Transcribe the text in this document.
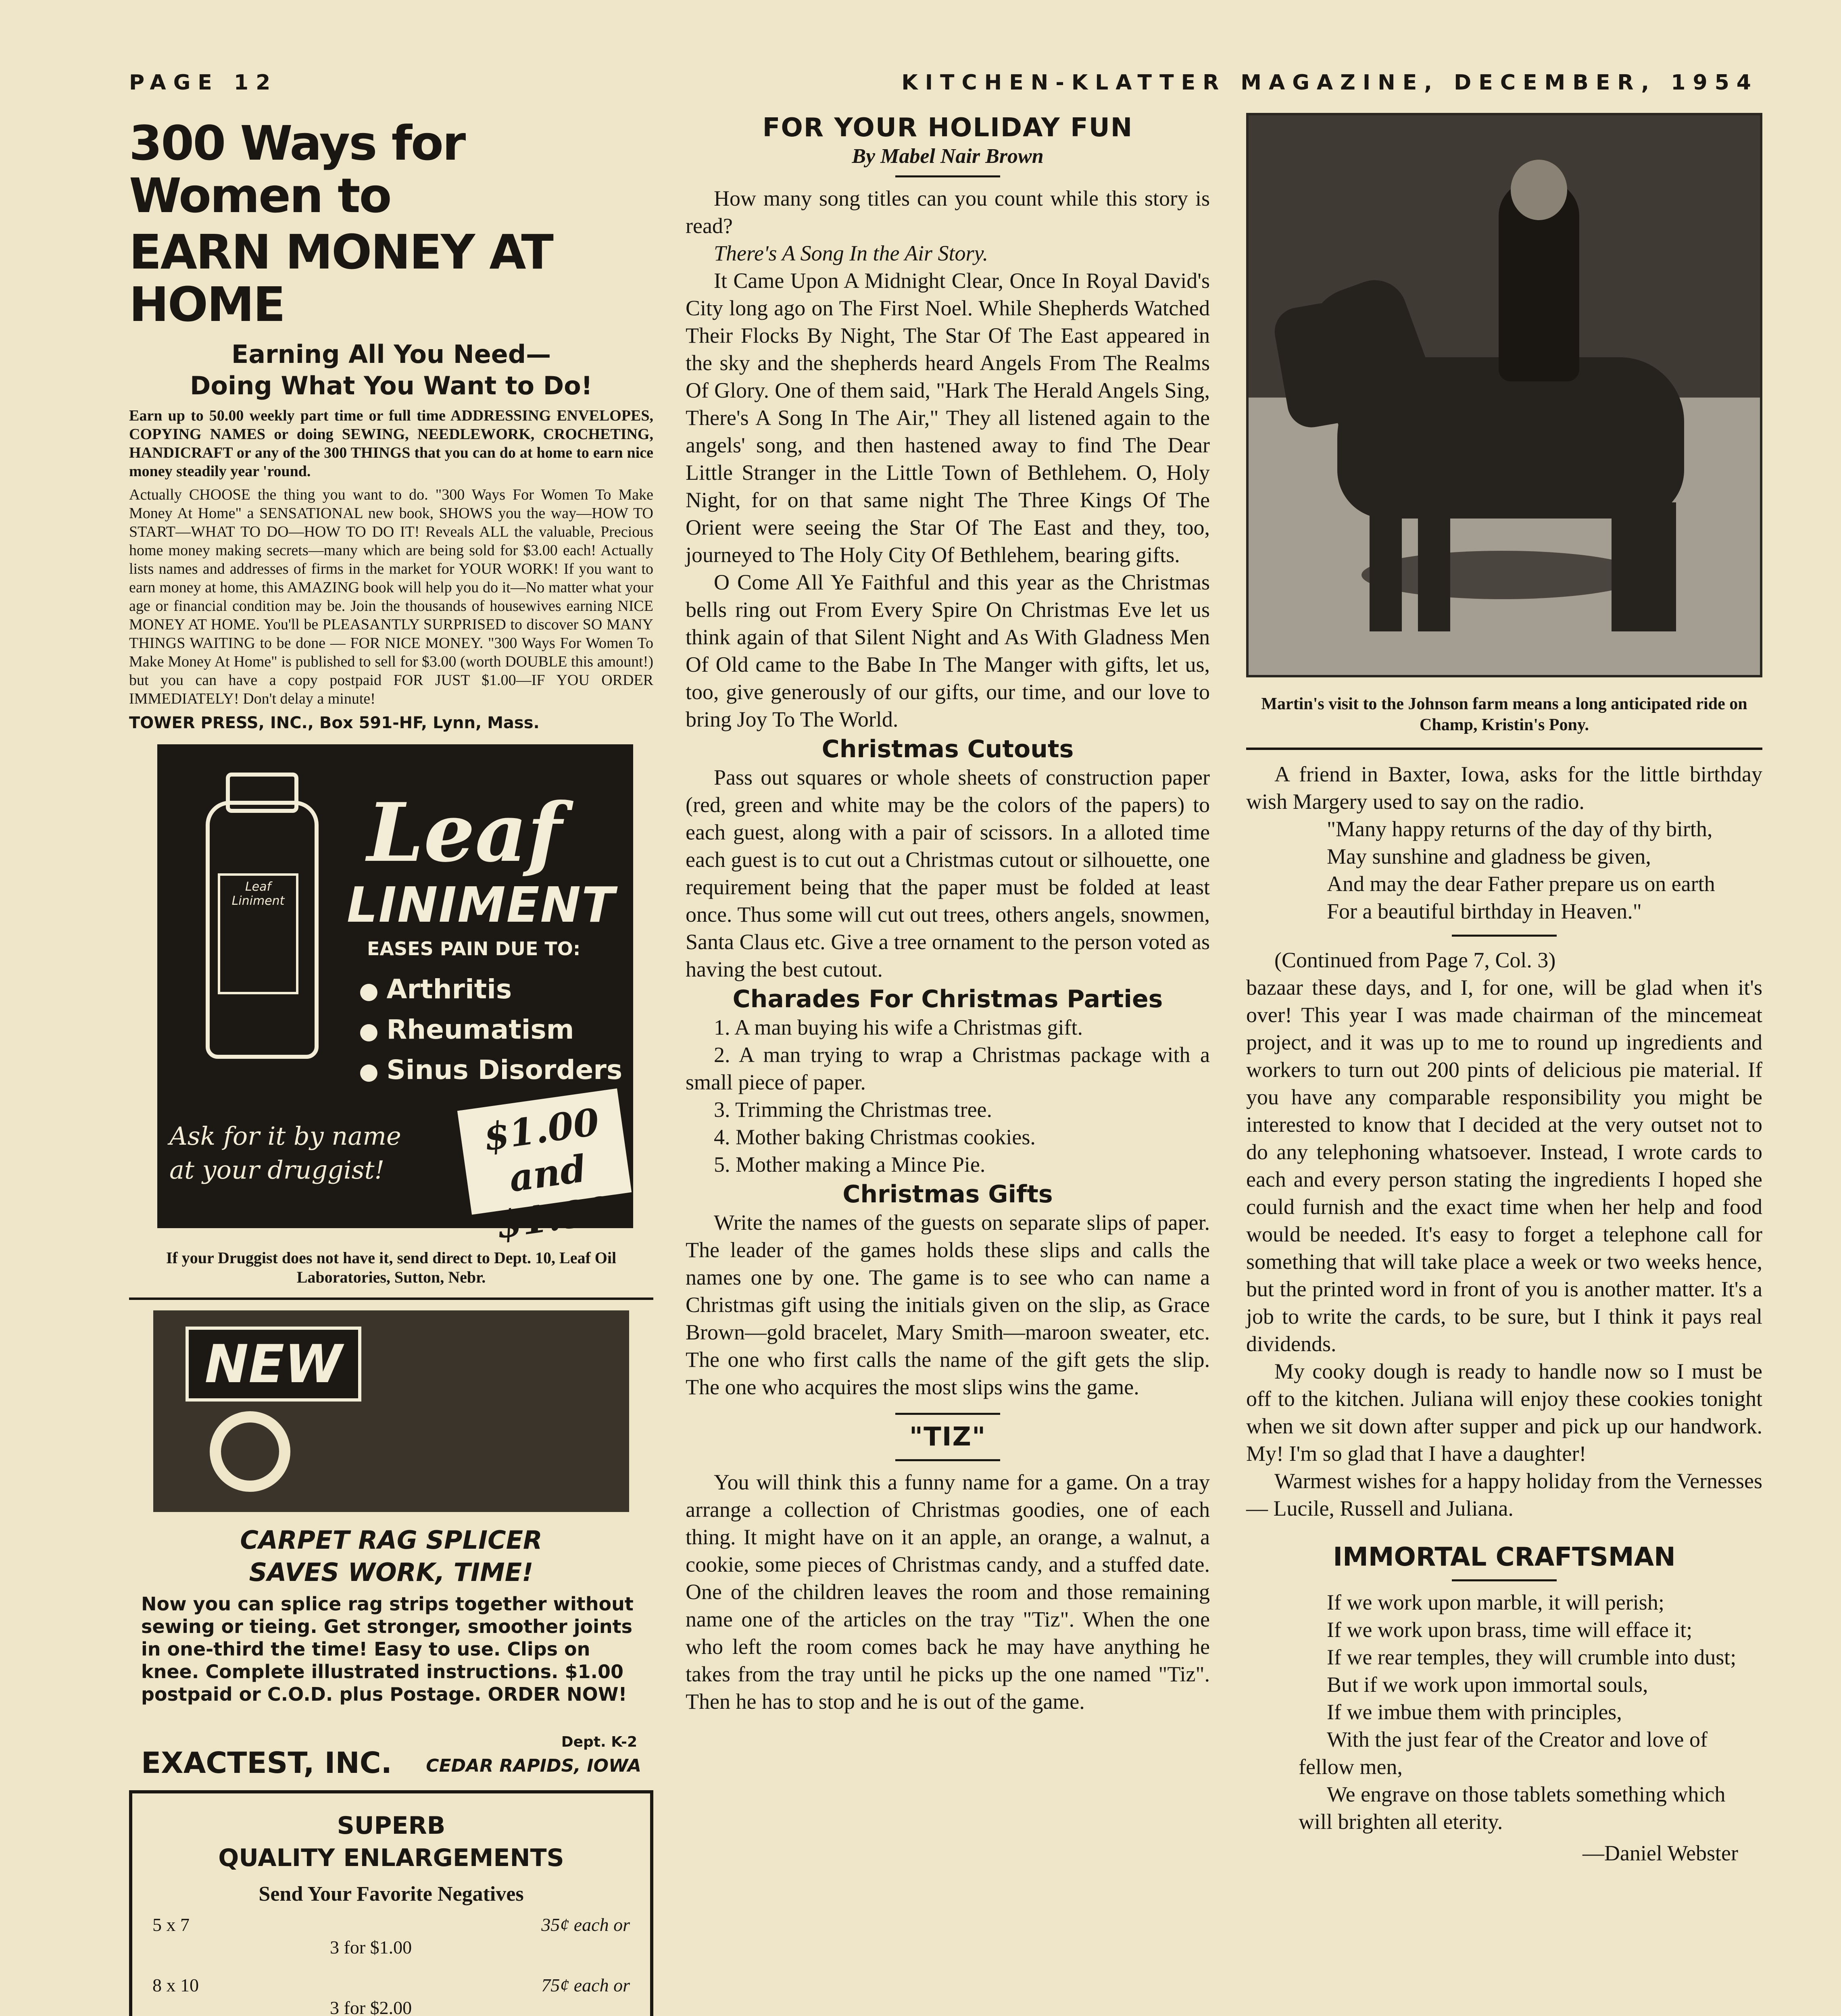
PAGE 12	KITCHEN-KLATTER MAGAZINE, DECEMBER, 1954
300 Ways for Women to
EARN MONEY AT HOME
Earning All You Need—
Doing What You Want to Do!
Earn up to 50.00 weekly part time or full time ADDRESSING ENVELOPES, COPYING NAMES or doing SEWING, NEEDLEWORK, CROCHETING, HANDICRAFT or any of the 300 THINGS that you can do at home to earn nice money steadily year 'round.
Actually CHOOSE the thing you want to do. "300 Ways For Women To Make Money At Home" a SENSATIONAL new book, SHOWS you the way—HOW TO START—WHAT TO DO—HOW TO DO IT! Reveals ALL the valuable, Precious home money making secrets—many which are being sold for $3.00 each! Actually lists names and addresses of firms in the market for YOUR WORK! If you want to earn money at home, this AMAZING book will help you do it—No matter what your age or financial condition may be. Join the thousands of housewives earning NICE MONEY AT HOME. You'll be PLEASANTLY SURPRISED to discover SO MANY THINGS WAITING to be done — FOR NICE MONEY. "300 Ways For Women To Make Money At Home" is published to sell for $3.00 (worth DOUBLE this amount!) but you can have a copy postpaid FOR JUST $1.00—IF YOU ORDER IMMEDIATELY! Don't delay a minute!
TOWER PRESS, INC., Box 591-HF, Lynn, Mass.
Leaf Liniment
Leaf
LINIMENT
EASES PAIN DUE TO:
● Arthritis
● Rheumatism
● Sinus Disorders
Ask for it by name
at your druggist!
$1.00 and
$1.89
If your Druggist does not have it, send direct to Dept. 10, Leaf Oil Laboratories, Sutton, Nebr.
NEW
CARPET RAG SPLICER
SAVES WORK, TIME!
Now you can splice rag strips together without sewing or tieing. Get stronger, smoother joints in one-third the time! Easy to use. Clips on knee. Complete illustrated instructions. $1.00 postpaid or C.O.D. plus Postage. ORDER NOW!
EXACTEST, INC.
Dept. K-2
CEDAR RAPIDS, IOWA
SUPERB
QUALITY ENLARGEMENTS
Send Your Favorite Negatives
5 x 7	35¢ each or
3 for $1.00
8 x 10	75¢ each or
3 for $2.00
FOR YOUR HOLIDAY FUN
By Mabel Nair Brown

How many song titles can you count while this story is read?

There's A Song In the Air Story.

It Came Upon A Midnight Clear, Once In Royal David's City long ago on The First Noel. While Shepherds Watched Their Flocks By Night, The Star Of The East appeared in the sky and the shepherds heard Angels From The Realms Of Glory. One of them said, "Hark The Herald Angels Sing, There's A Song In The Air," They all listened again to the angels' song, and then hastened away to find The Dear Little Stranger in the Little Town of Bethlehem. O, Holy Night, for on that same night The Three Kings Of The Orient were seeing the Star Of The East and they, too, journeyed to The Holy City Of Bethlehem, bearing gifts.

O Come All Ye Faithful and this year as the Christmas bells ring out From Every Spire On Christmas Eve let us think again of that Silent Night and As With Gladness Men Of Old came to the Babe In The Manger with gifts, let us, too, give generously of our gifts, our time, and our love to bring Joy To The World.

Christmas Cutouts

Pass out squares or whole sheets of construction paper (red, green and white may be the colors of the papers) to each guest, along with a pair of scissors. In a alloted time each guest is to cut out a Christmas cutout or silhouette, one requirement being that the paper must be folded at least once. Thus some will cut out trees, others angels, snowmen, Santa Claus etc. Give a tree ornament to the person voted as having the best cutout.

Charades For Christmas Parties

1. A man buying his wife a Christmas gift.

2. A man trying to wrap a Christmas package with a small piece of paper.

3. Trimming the Christmas tree.

4. Mother baking Christmas cookies.

5. Mother making a Mince Pie.

Christmas Gifts

Write the names of the guests on separate slips of paper. The leader of the games holds these slips and calls the names one by one. The game is to see who can name a Christmas gift using the initials given on the slip, as Grace Brown—gold bracelet, Mary Smith—maroon sweater, etc. The one who first calls the name of the gift gets the slip. The one who acquires the most slips wins the game.

"TIZ"

You will think this a funny name for a game. On a tray arrange a collection of Christmas goodies, one of each thing. It might have on it an apple, an orange, a walnut, a cookie, some pieces of Christmas candy, and a stuffed date. One of the children leaves the room and those remaining name one of the articles on the tray "Tiz". When the one who left the room comes back he may have anything he takes from the tray until he picks up the one named "Tiz". Then he has to stop and he is out of the game.

Martin's visit to the Johnson farm means a long anticipated ride on Champ, Kristin's Pony.

A friend in Baxter, Iowa, asks for the little birthday wish Margery used to say on the radio.

"Many happy returns of the day of thy birth,

May sunshine and gladness be given,

And may the dear Father prepare us on earth

For a beautiful birthday in Heaven."

(Continued from Page 7, Col. 3)

bazaar these days, and I, for one, will be glad when it's over! This year I was made chairman of the mincemeat project, and it was up to me to round up ingredients and workers to turn out 200 pints of delicious pie material. If you have any comparable responsibility you might be interested to know that I decided at the very outset not to do any telephoning whatsoever. Instead, I wrote cards to each and every person stating the ingredients I hoped she could furnish and the exact time when her help and food would be needed. It's easy to forget a telephone call for something that will take place a week or two weeks hence, but the printed word in front of you is another matter. It's a job to write the cards, to be sure, but I think it pays real dividends.

My cooky dough is ready to handle now so I must be off to the kitchen. Juliana will enjoy these cookies tonight when we sit down after supper and pick up our handwork. My! I'm so glad that I have a daughter!

Warmest wishes for a happy holiday from the Vernesses — Lucile, Russell and Juliana.

IMMORTAL CRAFTSMAN

If we work upon marble, it will perish;

If we work upon brass, time will efface it;

If we rear temples, they will crumble into dust;

But if we work upon immortal souls,

If we imbue them with principles,

With the just fear of the Creator and love of fellow men,

We engrave on those tablets something which will brighten all eterity.

—Daniel Webster
